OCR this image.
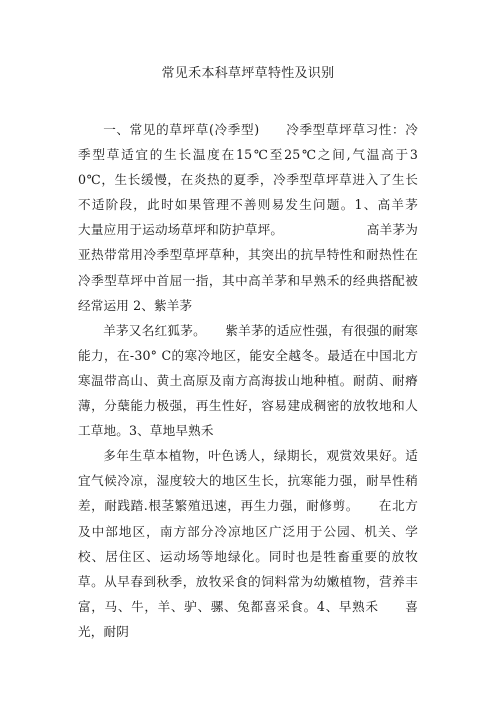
常见禾本科草坪草特性及识别

一、常见的草坪草(冷季型)　　冷季型草坪草习性：冷季型草适宜的生长温度在15℃至25℃之间,气温高于3 0℃，生长缓慢，在炎热的夏季，冷季型草坪草进入了生长不适阶段，此时如果管理不善则易发生问题。1、高羊茅　　大量应用于运动场草坪和防护草坪。　　　　　　　高羊茅为亚热带常用冷季型草坪草种，其突出的抗旱特性和耐热性在冷季型草坪中首屈一指，其中高羊茅和早熟禾的经典搭配被经常运用 2、紫羊茅

羊茅又名红狐茅。　　紫羊茅的适应性强，有很强的耐寒能力，在-30° C的寒冷地区，能安全越冬。最适在中国北方寒温带高山、黄土高原及南方高海拔山地种植。耐荫、耐瘠薄，分蘖能力极强，再生性好，容易建成稠密的放牧地和人工草地。3、草地早熟禾

多年生草本植物，叶色诱人，绿期长，观赏效果好。适宜气候冷凉，湿度较大的地区生长，抗寒能力强，耐旱性稍差，耐践踏.根茎繁殖迅速，再生力强，耐修剪。　　在北方及中部地区，南方部分冷凉地区广泛用于公园、机关、学校、居住区、运动场等地绿化。同时也是牲畜重要的放牧草。从早春到秋季，放牧采食的饲料常为幼嫩植物，营养丰富，马、牛，羊、驴、骡、兔都喜采食。4、早熟禾　　喜光，耐阴
